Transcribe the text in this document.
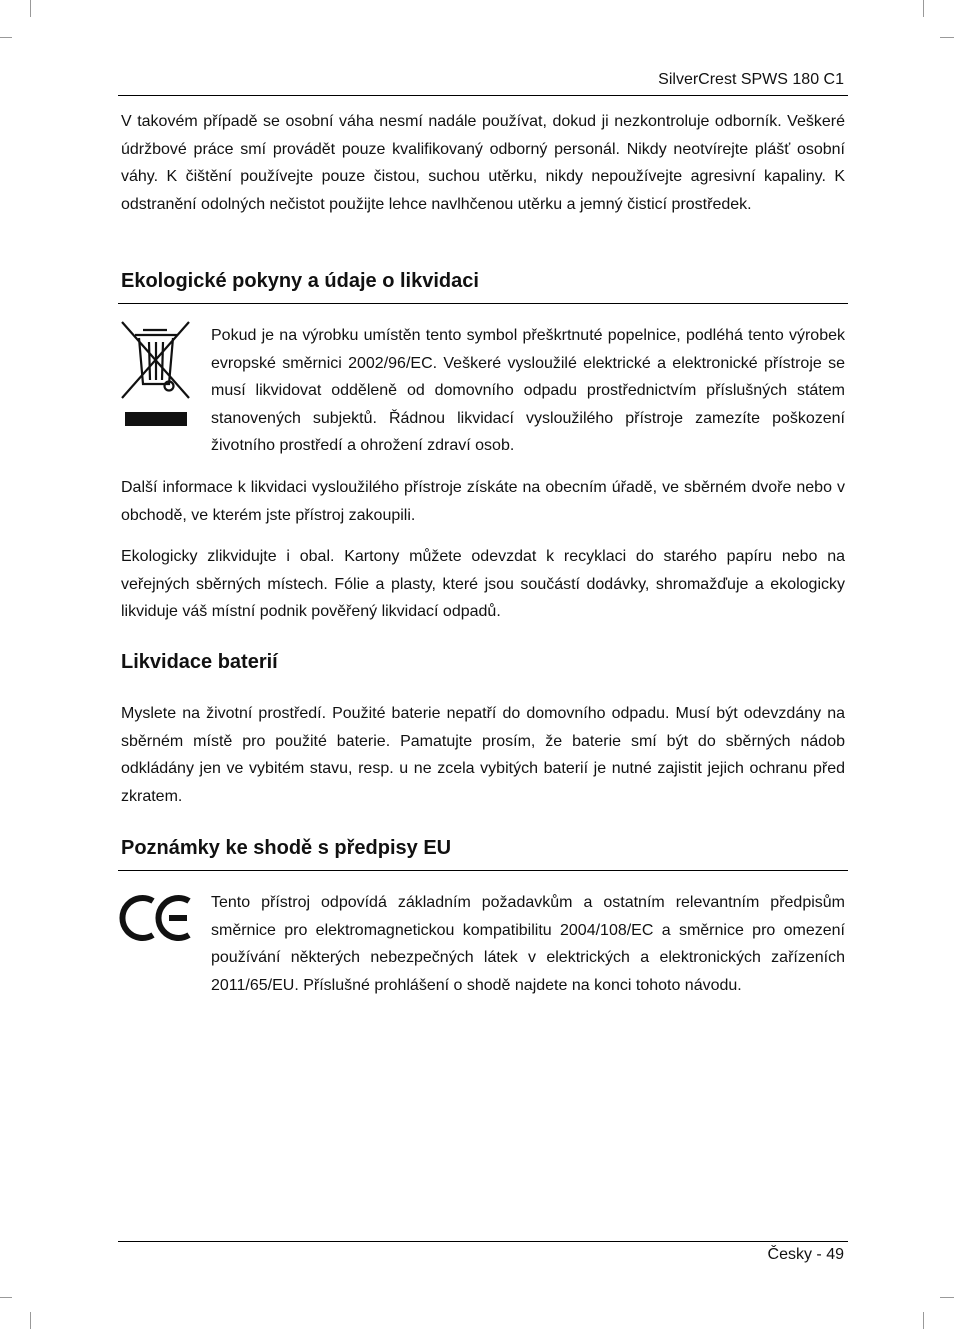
SilverCrest SPWS 180 C1

V takovém případě se osobní váha nesmí nadále používat, dokud ji nezkontroluje odborník. Veškeré údržbové práce smí provádět pouze kvalifikovaný odborný personál. Nikdy neotvírejte plášť osobní váhy. K čištění používejte pouze čistou, suchou utěrku, nikdy nepoužívejte agresivní kapaliny. K odstranění odolných nečistot použijte lehce navlhčenou utěrku a jemný čisticí prostředek.

Ekologické pokyny a údaje o likvidaci

Pokud je na výrobku umístěn tento symbol přeškrtnuté popelnice, podléhá tento výrobek evropské směrnici 2002/96/EC. Veškeré vysloužilé elektrické a elektronické přístroje se musí likvidovat odděleně od domovního odpadu prostřednictvím příslušných státem stanovených subjektů. Řádnou likvidací vysloužilého přístroje zamezíte poškození životního prostředí a ohrožení zdraví osob.

Další informace k likvidaci vysloužilého přístroje získáte na obecním úřadě, ve sběrném dvoře nebo v obchodě, ve kterém jste přístroj zakoupili.

Ekologicky zlikvidujte i obal. Kartony můžete odevzdat k recyklaci do starého papíru nebo na veřejných sběrných místech. Fólie a plasty, které jsou součástí dodávky, shromažďuje a ekologicky likviduje váš místní podnik pověřený likvidací odpadů.

Likvidace baterií

Myslete na životní prostředí. Použité baterie nepatří do domovního odpadu. Musí být odevzdány na sběrném místě pro použité baterie. Pamatujte prosím, že baterie smí být do sběrných nádob odkládány jen ve vybitém stavu, resp. u ne zcela vybitých baterií je nutné zajistit jejich ochranu před zkratem.

Poznámky ke shodě s předpisy EU

Tento přístroj odpovídá základním požadavkům a ostatním relevantním předpisům směrnice pro elektromagnetickou kompatibilitu 2004/108/EC a směrnice pro omezení používání některých nebezpečných látek v elektrických a elektronických zařízeních 2011/65/EU. Příslušné prohlášení o shodě najdete na konci tohoto návodu.

Česky - 49
